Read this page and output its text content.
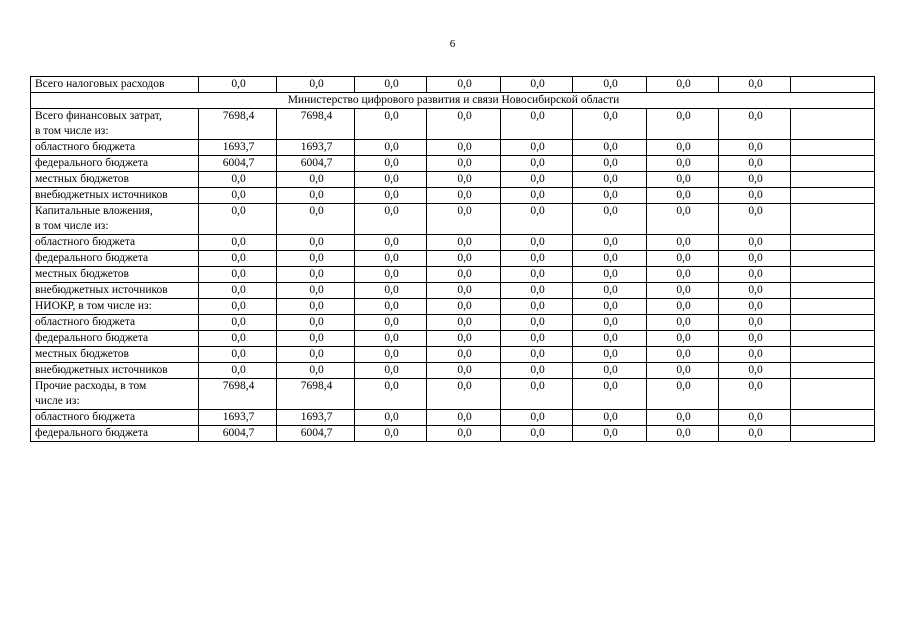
6
Всего налоговых расходов	0,0	0,0	0,0	0,0	0,0	0,0	0,0	0,0	
Министерство цифрового развития и связи Новосибирской области									

Всего финансовых затрат,
в том числе из:	7698,4	7698,4	0,0	0,0	0,0	0,0	0,0	0,0	

областного бюджета	1693,7	1693,7	0,0	0,0	0,0	0,0	0,0	0,0	

федерального бюджета	6004,7	6004,7	0,0	0,0	0,0	0,0	0,0	0,0	

местных бюджетов	0,0	0,0	0,0	0,0	0,0	0,0	0,0	0,0	

внебюджетных источников	0,0	0,0	0,0	0,0	0,0	0,0	0,0	0,0	

Капитальные вложения,
в том числе из:	0,0	0,0	0,0	0,0	0,0	0,0	0,0	0,0	

областного бюджета	0,0	0,0	0,0	0,0	0,0	0,0	0,0	0,0	

федерального бюджета	0,0	0,0	0,0	0,0	0,0	0,0	0,0	0,0	

местных бюджетов	0,0	0,0	0,0	0,0	0,0	0,0	0,0	0,0	

внебюджетных источников	0,0	0,0	0,0	0,0	0,0	0,0	0,0	0,0	

НИОКР, в том числе из:	0,0	0,0	0,0	0,0	0,0	0,0	0,0	0,0	

областного бюджета	0,0	0,0	0,0	0,0	0,0	0,0	0,0	0,0	

федерального бюджета	0,0	0,0	0,0	0,0	0,0	0,0	0,0	0,0	

местных бюджетов	0,0	0,0	0,0	0,0	0,0	0,0	0,0	0,0	

внебюджетных источников	0,0	0,0	0,0	0,0	0,0	0,0	0,0	0,0	

Прочие расходы, в том
числе из:	7698,4	7698,4	0,0	0,0	0,0	0,0	0,0	0,0	

областного бюджета	1693,7	1693,7	0,0	0,0	0,0	0,0	0,0	0,0	

федерального бюджета	6004,7	6004,7	0,0	0,0	0,0	0,0	0,0	0,0	
